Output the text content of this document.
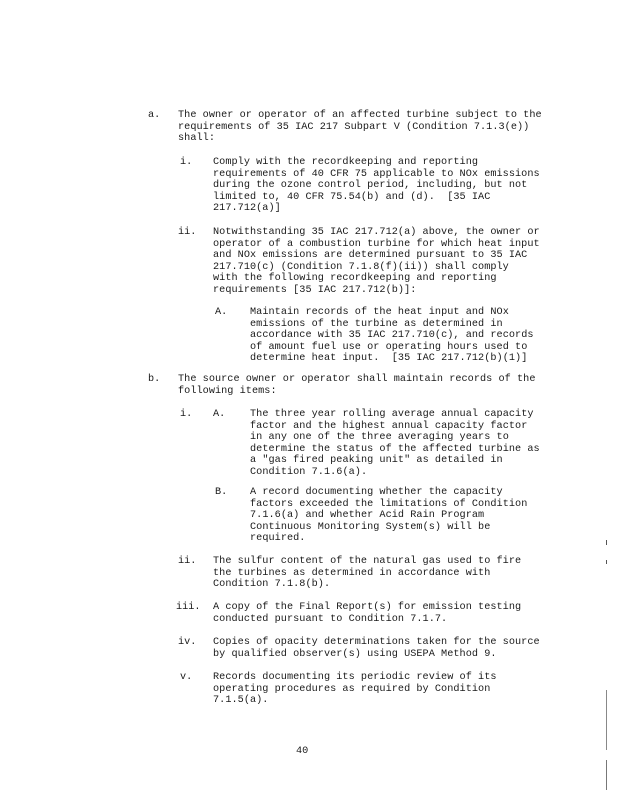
a. The owner or operator of an affected turbine subject to the
requirements of 35 IAC 217 Subpart V (Condition 7.1.3(e))
shall:

i. Comply with the recordkeeping and reporting
requirements of 40 CFR 75 applicable to NOx emissions
during the ozone control period, including, but not
limited to, 40 CFR 75.54(b) and (d).  [35 IAC
217.712(a)]

ii. Notwithstanding 35 IAC 217.712(a) above, the owner or
operator of a combustion turbine for which heat input
and NOx emissions are determined pursuant to 35 IAC
217.710(c) (Condition 7.1.8(f)(ii)) shall comply
with the following recordkeeping and reporting
requirements [35 IAC 217.712(b)]:

A. Maintain records of the heat input and NOx
emissions of the turbine as determined in
accordance with 35 IAC 217.710(c), and records
of amount fuel use or operating hours used to
determine heat input.  [35 IAC 217.712(b)(1)]

b. The source owner or operator shall maintain records of the
following items:

i. A. The three year rolling average annual capacity
factor and the highest annual capacity factor
in any one of the three averaging years to
determine the status of the affected turbine as
a "gas fired peaking unit" as detailed in
Condition 7.1.6(a).

B. A record documenting whether the capacity
factors exceeded the limitations of Condition
7.1.6(a) and whether Acid Rain Program
Continuous Monitoring System(s) will be
required.

ii. The sulfur content of the natural gas used to fire
the turbines as determined in accordance with
Condition 7.1.8(b).

iii. A copy of the Final Report(s) for emission testing
conducted pursuant to Condition 7.1.7.

iv. Copies of opacity determinations taken for the source
by qualified observer(s) using USEPA Method 9.

v. Records documenting its periodic review of its
operating procedures as required by Condition
7.1.5(a).

40
